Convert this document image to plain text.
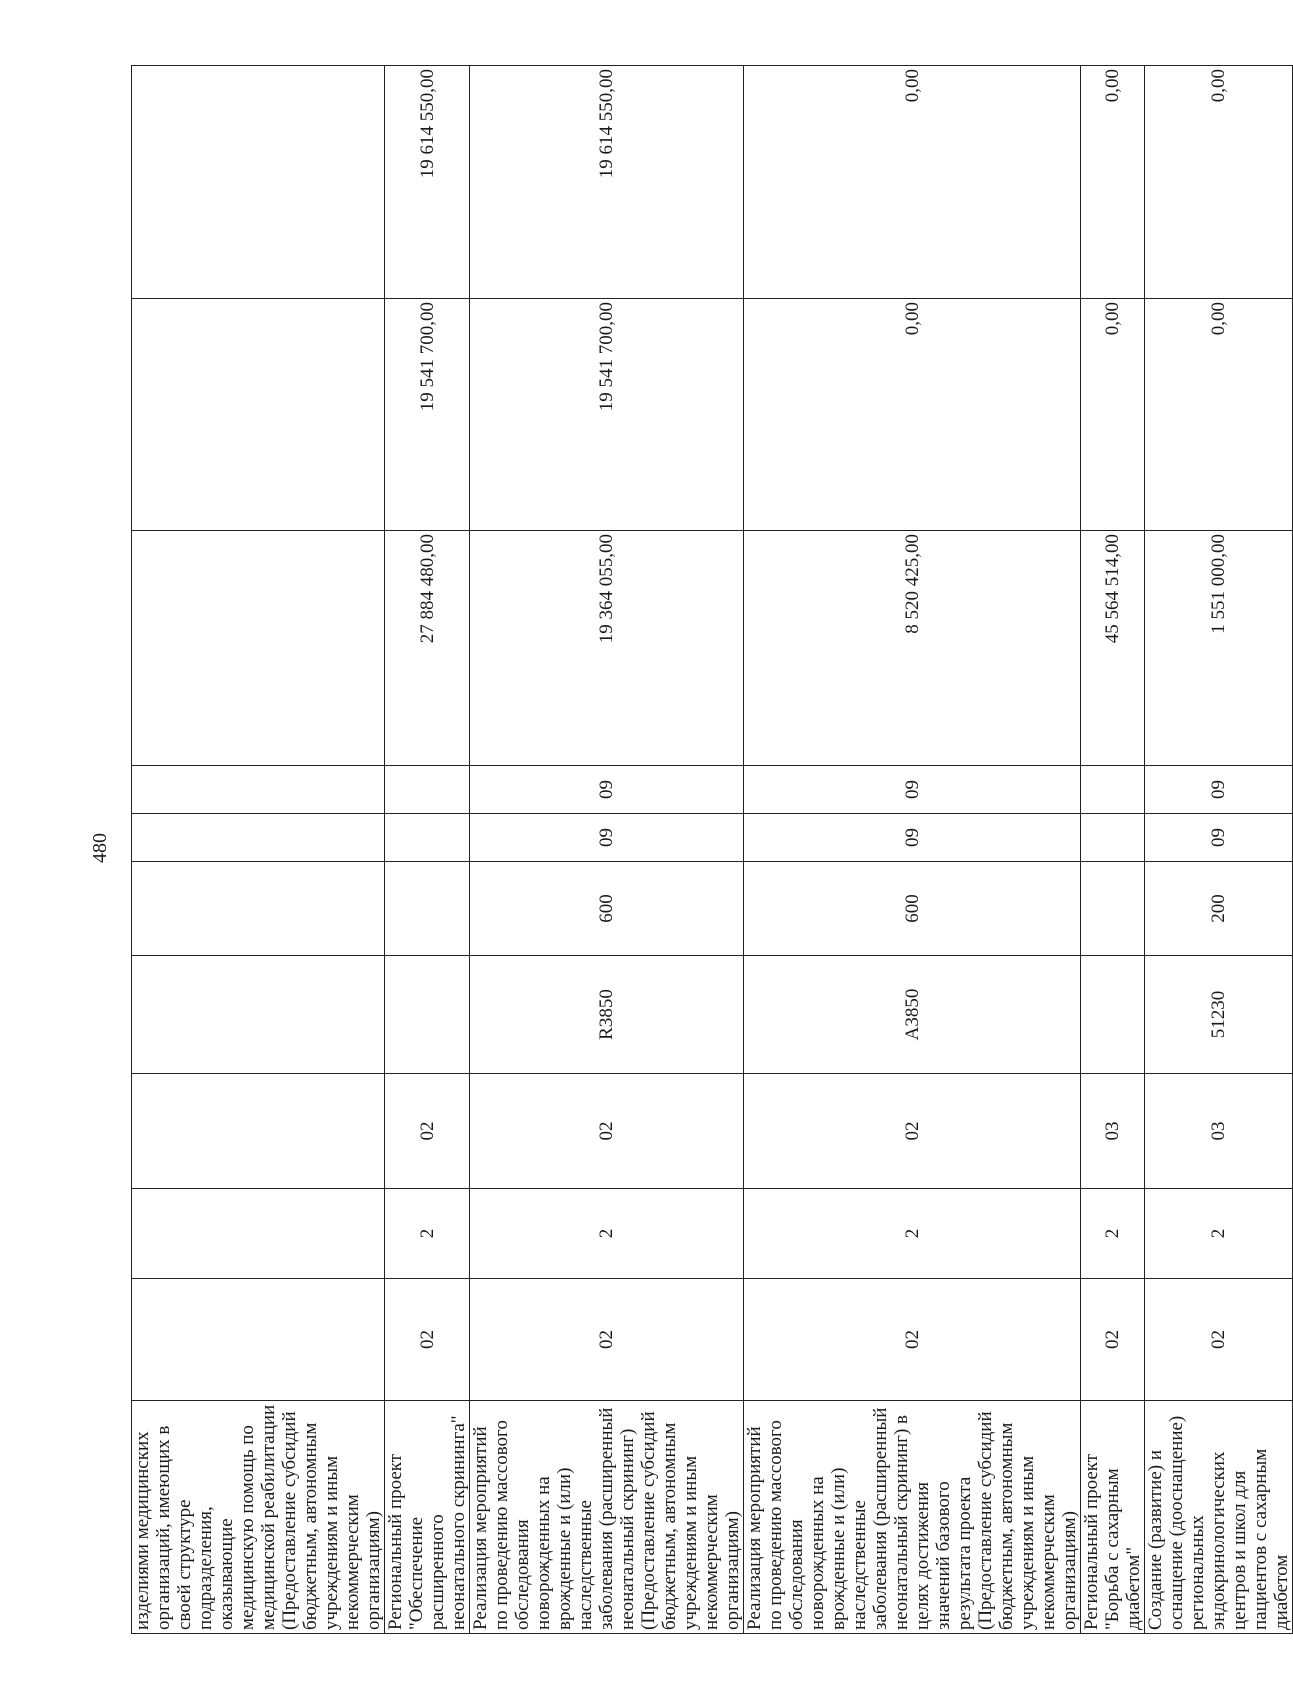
480
изделиями медицинских организаций, имеющих в своей структуре подразделения, оказывающие медицинскую помощь по медицинской реабилитации (Предоставление субсидий бюджетным, автономным учреждениям и иным некоммерческим организациям)										
Региональный проект "Обеспечение расширенного неонатального скрининга"	02	2	02					27 884 480,00	19 541 700,00	19 614 550,00
Реализация мероприятий по проведению массового обследования новорожденных на врожденные и (или) наследственные заболевания (расширенный неонатальный скрининг) (Предоставление субсидий бюджетным, автономным учреждениям и иным некоммерческим организациям)	02	2	02	R3850	600	09	09	19 364 055,00	19 541 700,00	19 614 550,00
Реализация мероприятий по проведению массового обследования новорожденных на врожденные и (или) наследственные заболевания (расширенный неонатальный скрининг) в целях достижения значений базового результата проекта (Предоставление субсидий бюджетным, автономным учреждениям и иным некоммерческим организациям)	02	2	02	А3850	600	09	09	8 520 425,00	0,00	0,00
Региональный проект "Борьба с сахарным диабетом"	02	2	03					45 564 514,00	0,00	0,00
Создание (развитие) и оснащение (дооснащение) региональных эндокринологических центров и школ для пациентов с сахарным диабетом	02	2	03	51230	200	09	09	1 551 000,00	0,00	0,00
